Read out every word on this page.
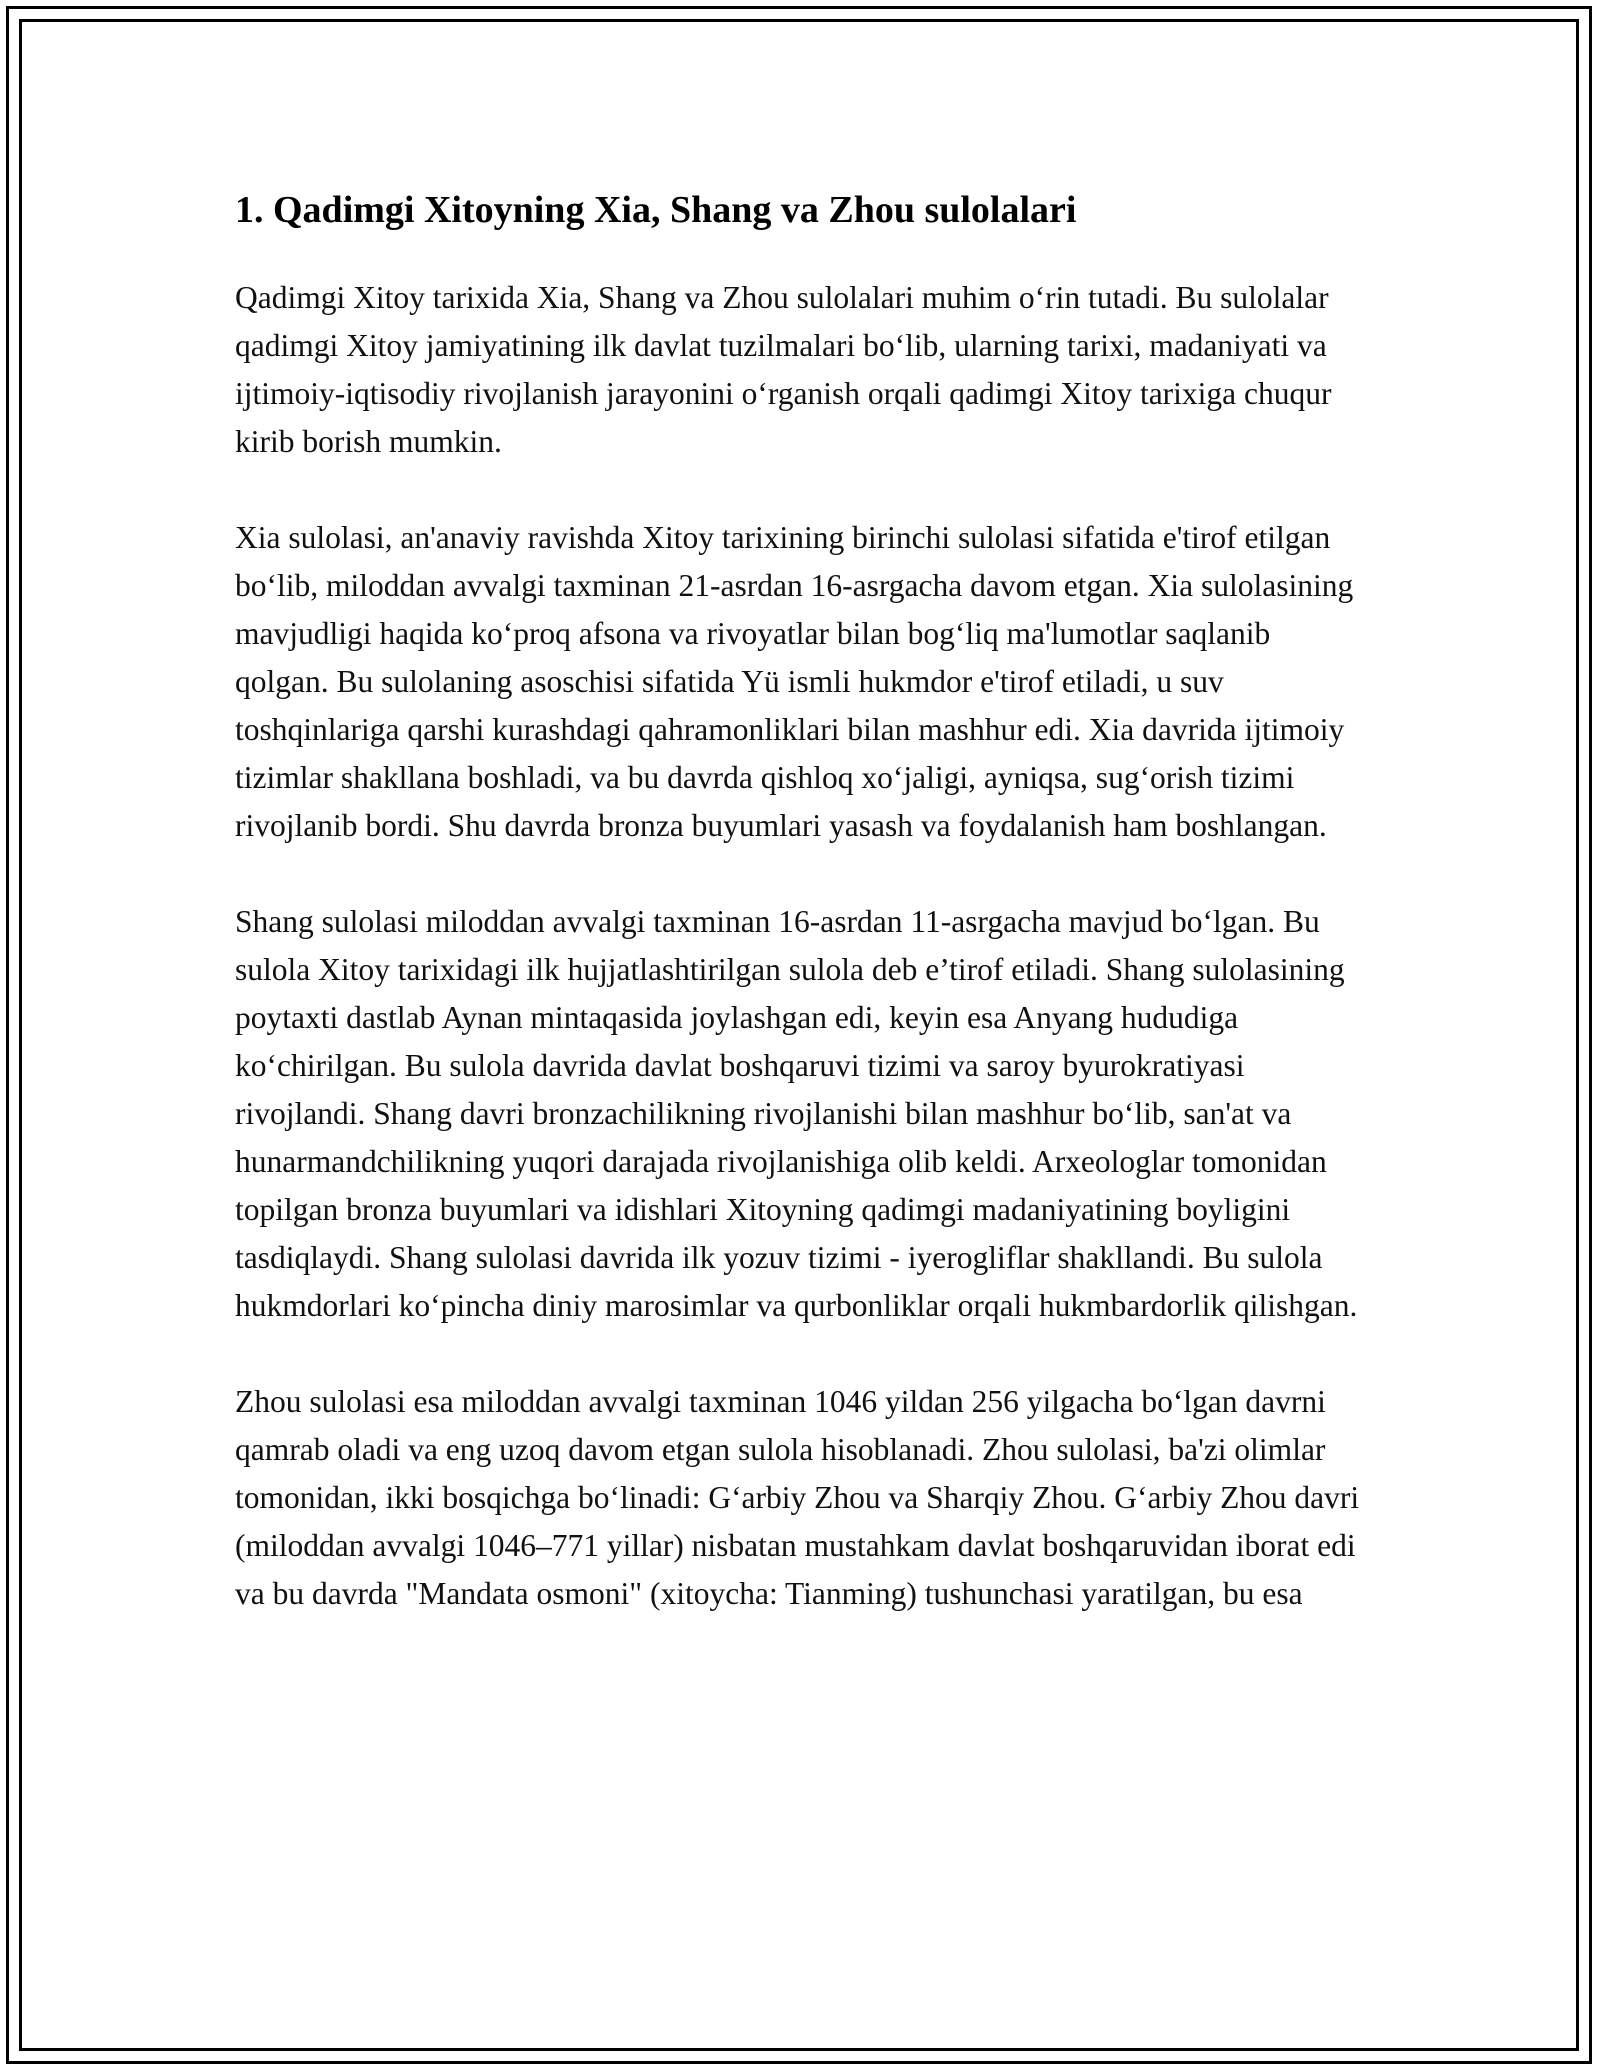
1. Qadimgi Xitoyning Xia, Shang va Zhou sulolalari

Qadimgi Xitoy tarixida Xia, Shang va Zhou sulolalari muhim o‘rin tutadi. Bu sulolalar qadimgi Xitoy jamiyatining ilk davlat tuzilmalari bo‘lib, ularning tarixi, madaniyati va ijtimoiy-iqtisodiy rivojlanish jarayonini o‘rganish orqali qadimgi Xitoy tarixiga chuqur kirib borish mumkin.

Xia sulolasi, an'anaviy ravishda Xitoy tarixining birinchi sulolasi sifatida e'tirof etilgan bo‘lib, miloddan avvalgi taxminan 21-asrdan 16-asrgacha davom etgan. Xia sulolasining mavjudligi haqida ko‘proq afsona va rivoyatlar bilan bog‘liq ma'lumotlar saqlanib qolgan. Bu sulolaning asoschisi sifatida Yü ismli hukmdor e'tirof etiladi, u suv toshqinlariga qarshi kurashdagi qahramonliklari bilan mashhur edi. Xia davrida ijtimoiy tizimlar shakllana boshladi, va bu davrda qishloq xo‘jaligi, ayniqsa, sug‘orish tizimi rivojlanib bordi. Shu davrda bronza buyumlari yasash va foydalanish ham boshlangan.

Shang sulolasi miloddan avvalgi taxminan 16-asrdan 11-asrgacha mavjud bo‘lgan. Bu sulola Xitoy tarixidagi ilk hujjatlashtirilgan sulola deb e’tirof etiladi. Shang sulolasining poytaxti dastlab Aynan mintaqasida joylashgan edi, keyin esa Anyang hududiga ko‘chirilgan. Bu sulola davrida davlat boshqaruvi tizimi va saroy byurokratiyasi rivojlandi. Shang davri bronzachilikning rivojlanishi bilan mashhur bo‘lib, san'at va hunarmandchilikning yuqori darajada rivojlanishiga olib keldi. Arxeologlar tomonidan topilgan bronza buyumlari va idishlari Xitoyning qadimgi madaniyatining boyligini tasdiqlaydi. Shang sulolasi davrida ilk yozuv tizimi - iyerogliflar shakllandi. Bu sulola hukmdorlari ko‘pincha diniy marosimlar va qurbonliklar orqali hukmbardorlik qilishgan.

Zhou sulolasi esa miloddan avvalgi taxminan 1046 yildan 256 yilgacha bo‘lgan davrni qamrab oladi va eng uzoq davom etgan sulola hisoblanadi. Zhou sulolasi, ba'zi olimlar tomonidan, ikki bosqichga bo‘linadi: G‘arbiy Zhou va Sharqiy Zhou. G‘arbiy Zhou davri (miloddan avvalgi 1046–771 yillar) nisbatan mustahkam davlat boshqaruvidan iborat edi va bu davrda "Mandata osmoni" (xitoycha: Tianming) tushunchasi yaratilgan, bu esa
